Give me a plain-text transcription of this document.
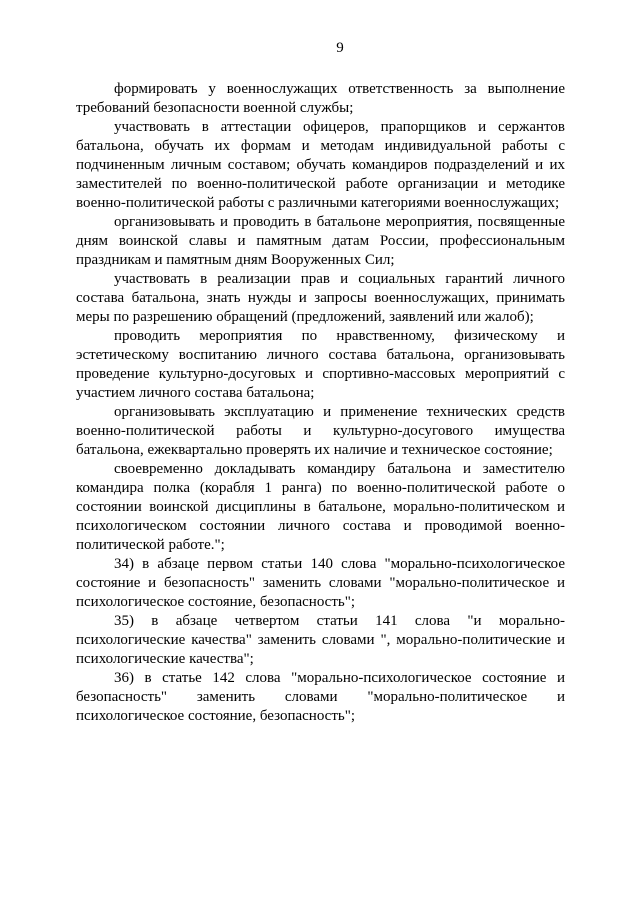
9

формировать у военнослужащих ответственность за выполнение требований безопасности военной службы;

участвовать в аттестации офицеров, прапорщиков и сержантов батальона, обучать их формам и методам индивидуальной работы с подчиненным личным составом; обучать командиров подразделений и их заместителей по военно-политической работе организации и методике военно-политической работы с различными категориями военнослужащих;

организовывать и проводить в батальоне мероприятия, посвященные дням воинской славы и памятным датам России, профессиональным праздникам и памятным дням Вооруженных Сил;

участвовать в реализации прав и социальных гарантий личного состава батальона, знать нужды и запросы военнослужащих, принимать меры по разрешению обращений (предложений, заявлений или жалоб);

проводить мероприятия по нравственному, физическому и эстетическому воспитанию личного состава батальона, организовывать проведение культурно-досуговых и спортивно-массовых мероприятий с участием личного состава батальона;

организовывать эксплуатацию и применение технических средств военно-политической работы и культурно-досугового имущества батальона, ежеквартально проверять их наличие и техническое состояние;

своевременно докладывать командиру батальона и заместителю командира полка (корабля 1 ранга) по военно-политической работе о состоянии воинской дисциплины в батальоне, морально-политическом и психологическом состоянии личного состава и проводимой военно-политической работе.";

34) в абзаце первом статьи 140 слова "морально-психологическое состояние и безопасность" заменить словами "морально-политическое и психологическое состояние, безопасность";

35) в абзаце четвертом статьи 141 слова "и морально-психологические качества" заменить словами ", морально-политические и психологические качества";

36) в статье 142 слова "морально-психологическое состояние и безопасность" заменить словами "морально-политическое и психологическое состояние, безопасность";
